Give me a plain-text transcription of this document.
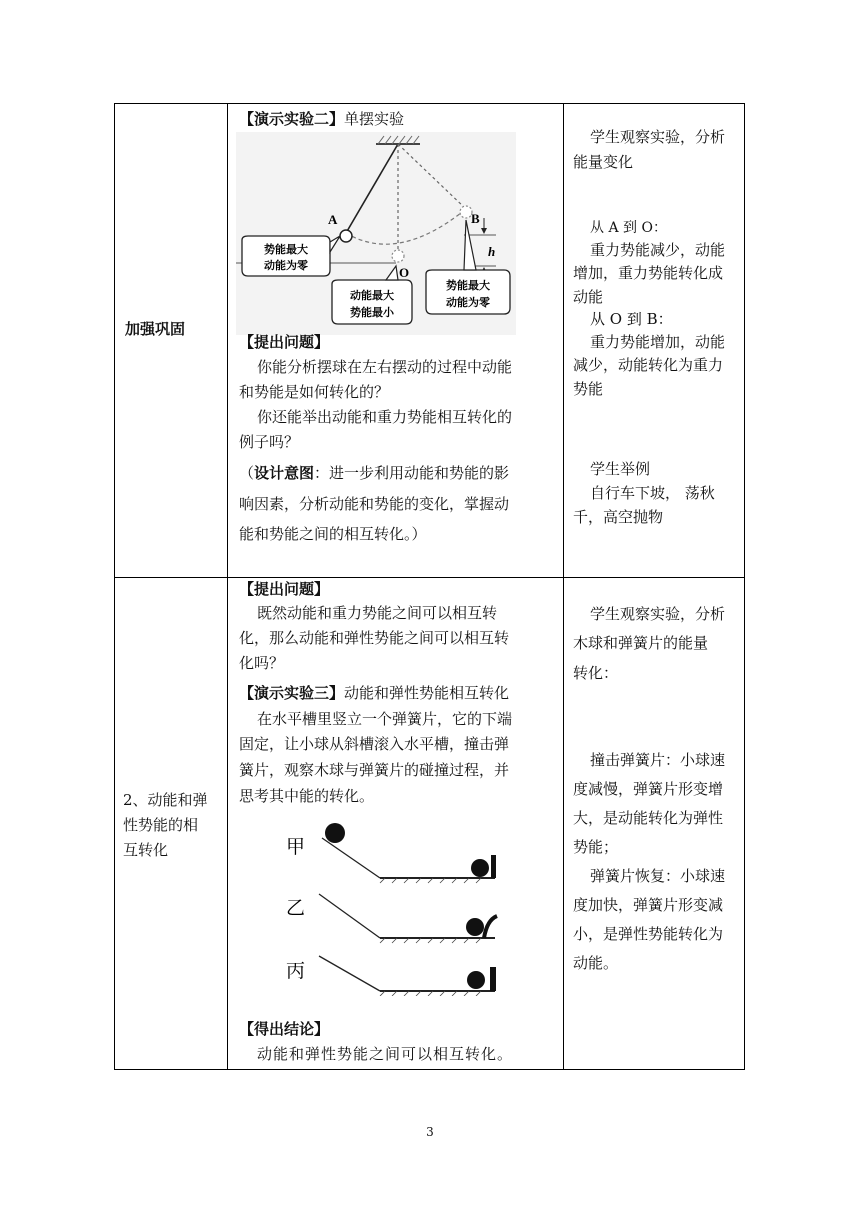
加强巩固
【演示实验二】单摆实验
A	B
O
h
势能最大
动能为零
动能最大
势能最小
势能最大
动能为零
【提出问题】
你能分析摆球在左右摆动的过程中动能
和势能是如何转化的？
你还能举出动能和重力势能相互转化的
例子吗？
（设计意图：进一步利用动能和势能的影
响因素，分析动能和势能的变化，掌握动
能和势能之间的相互转化。）
学生观察实验，分析
能量变化
从 A 到 O：
重力势能减少，动能
增加，重力势能转化成
动能
从 O 到 B：
重力势能增加，动能
减少，动能转化为重力
势能
学生举例
自行车下坡， 荡秋
千，高空抛物
2、动能和弹
性势能的相
互转化
【提出问题】
既然动能和重力势能之间可以相互转
化，那么动能和弹性势能之间可以相互转
化吗？
【演示实验三】动能和弹性势能相互转化
在水平槽里竖立一个弹簧片，它的下端
固定，让小球从斜槽滚入水平槽，撞击弹
簧片，观察木球与弹簧片的碰撞过程，并
思考其中能的转化。
甲
乙
丙
【得出结论】
动能和弹性势能之间可以相互转化。
学生观察实验，分析
木球和弹簧片的能量
转化：
撞击弹簧片：小球速
度减慢，弹簧片形变增
大，是动能转化为弹性
势能；
弹簧片恢复：小球速
度加快，弹簧片形变减
小，是弹性势能转化为
动能。
3
